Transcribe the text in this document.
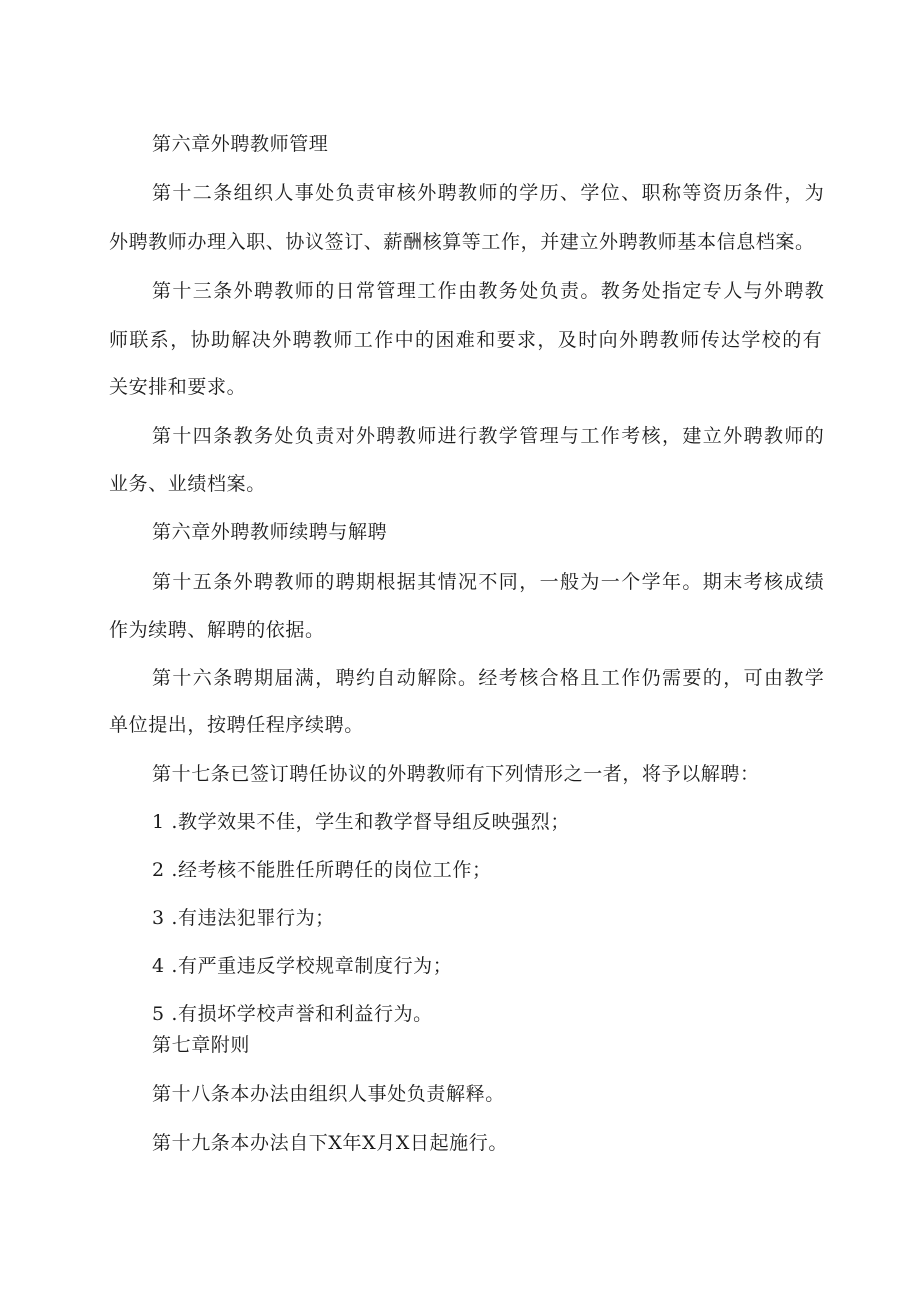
第六章外聘教师管理
第十二条组织人事处负责审核外聘教师的学历、学位、职称等资历条件，为
外聘教师办理入职、协议签订、薪酬核算等工作，并建立外聘教师基本信息档案。
第十三条外聘教师的日常管理工作由教务处负责。教务处指定专人与外聘教
师联系，协助解决外聘教师工作中的困难和要求，及时向外聘教师传达学校的有
关安排和要求。
第十四条教务处负责对外聘教师进行教学管理与工作考核，建立外聘教师的
业务、业绩档案。
第六章外聘教师续聘与解聘
第十五条外聘教师的聘期根据其情况不同，一般为一个学年。期末考核成绩
作为续聘、解聘的依据。
第十六条聘期届满，聘约自动解除。经考核合格且工作仍需要的，可由教学
单位提出，按聘任程序续聘。
第十七条已签订聘任协议的外聘教师有下列情形之一者，将予以解聘：
1 .教学效果不佳，学生和教学督导组反映强烈；
2 .经考核不能胜任所聘任的岗位工作；
3 .有违法犯罪行为；
4 .有严重违反学校规章制度行为；
5 .有损坏学校声誉和利益行为。
第七章附则
第十八条本办法由组织人事处负责解释。
第十九条本办法自下X年X月X日起施行。
